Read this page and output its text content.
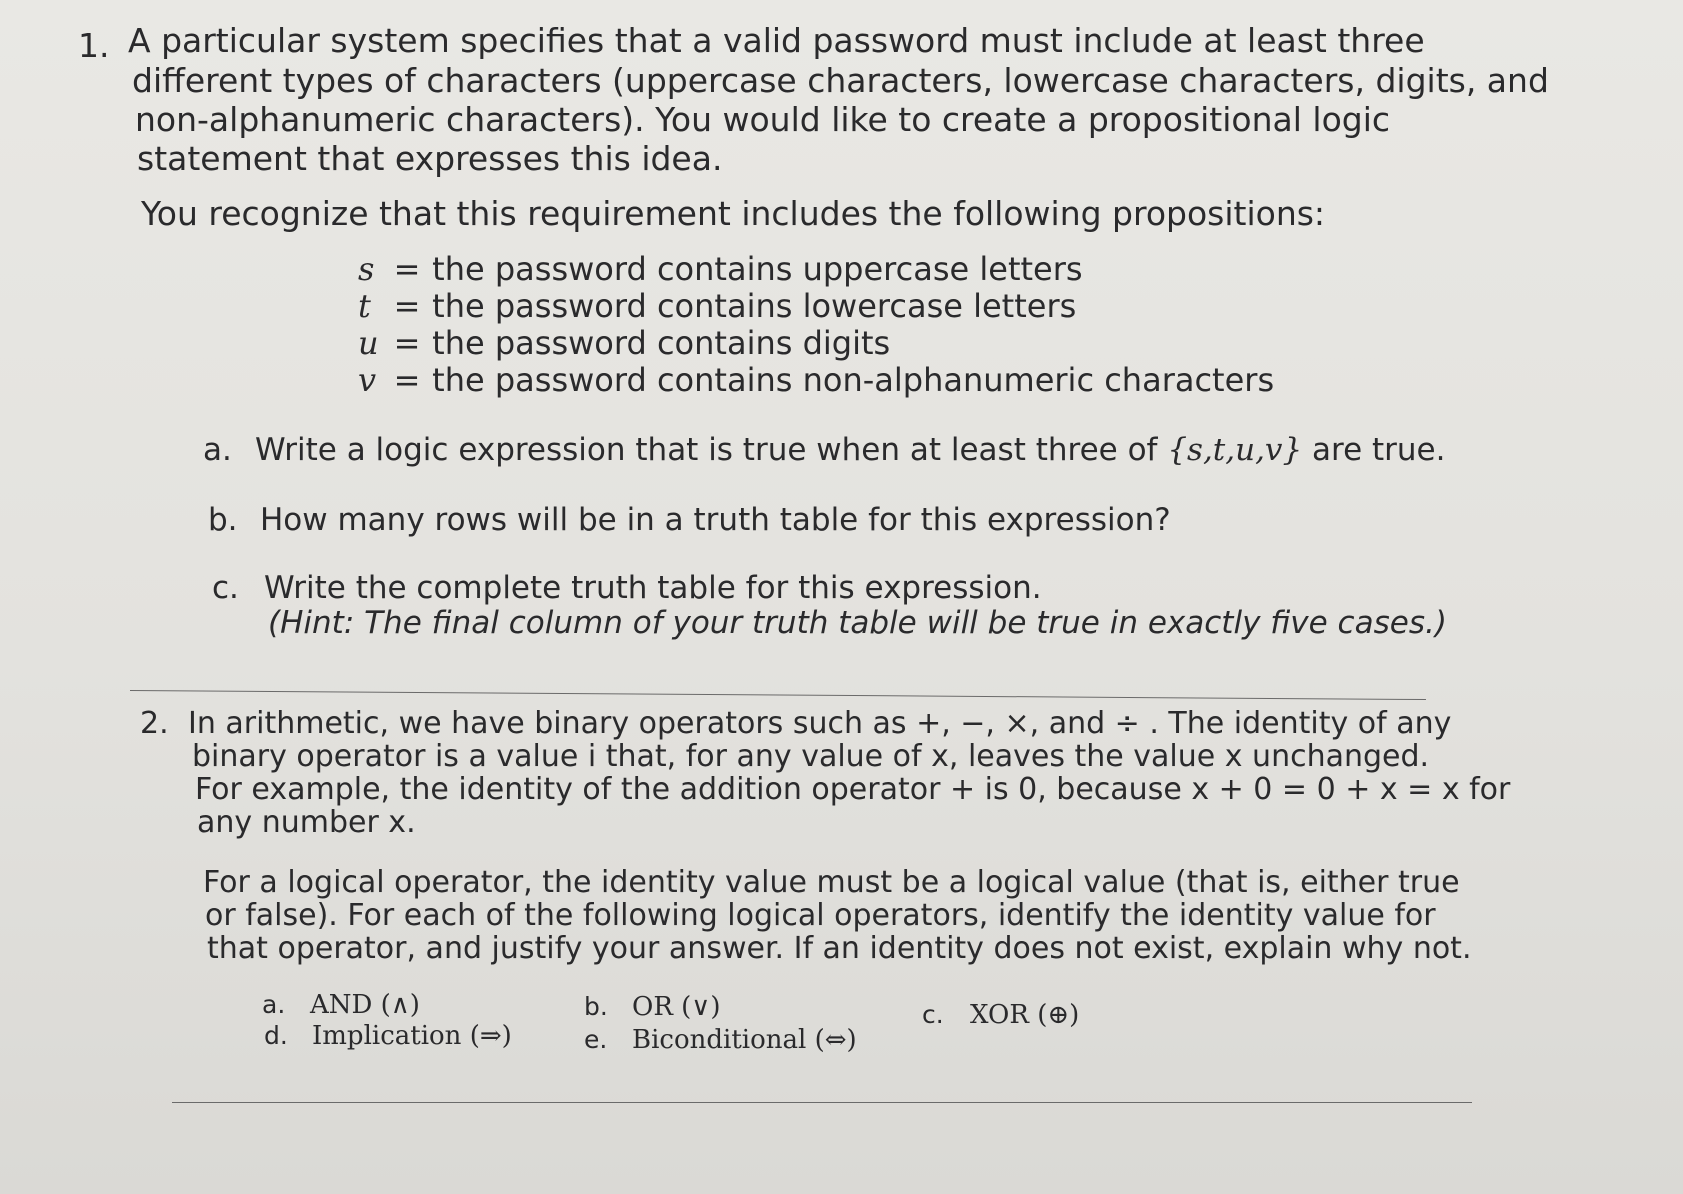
1. A particular system specifies that a valid password must include at least three
different types of characters (uppercase characters, lowercase characters, digits, and
non-alphanumeric characters). You would like to create a propositional logic
statement that expresses this idea.
You recognize that this requirement includes the following propositions:
s = the password contains uppercase letters
t = the password contains lowercase letters
u = the password contains digits
v = the password contains non-alphanumeric characters
a. Write a logic expression that is true when at least three of {s,t,u,v} are true.
b. How many rows will be in a truth table for this expression?
c. Write the complete truth table for this expression.
(Hint: The final column of your truth table will be true in exactly five cases.)
2. In arithmetic, we have binary operators such as +, −, ×, and ÷ . The identity of any
binary operator is a value i that, for any value of x, leaves the value x unchanged.
For example, the identity of the addition operator + is 0, because x + 0 = 0 + x = x for
any number x.
For a logical operator, the identity value must be a logical value (that is, either true
or false). For each of the following logical operators, identify the identity value for
that operator, and justify your answer. If an identity does not exist, explain why not.
a. AND (∧)	b. OR (∨)	c. XOR (⊕)
d. Implication (⇒)	e. Biconditional (⇔)
